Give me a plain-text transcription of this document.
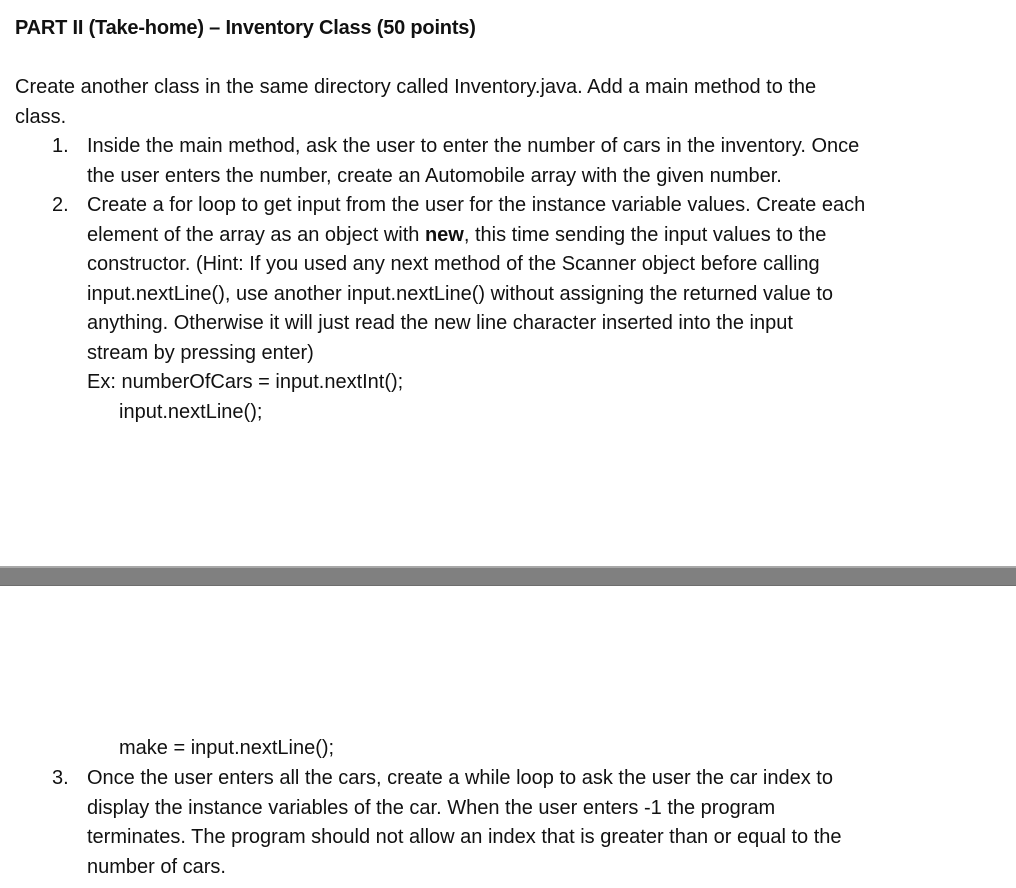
PART II (Take-home) – Inventory Class (50 points)
Create another class in the same directory called Inventory.java. Add a main method to the
class.
1. Inside the main method, ask the user to enter the number of cars in the inventory. Once
the user enters the number, create an Automobile array with the given number.
2. Create a for loop to get input from the user for the instance variable values. Create each
element of the array as an object with new, this time sending the input values to the
constructor. (Hint: If you used any next method of the Scanner object before calling
input.nextLine(), use another input.nextLine() without assigning the returned value to
anything. Otherwise it will just read the new line character inserted into the input
stream by pressing enter)
Ex: numberOfCars = input.nextInt();
input.nextLine();
make = input.nextLine();
3. Once the user enters all the cars, create a while loop to ask the user the car index to
display the instance variables of the car. When the user enters -1 the program
terminates. The program should not allow an index that is greater than or equal to the
number of cars.
